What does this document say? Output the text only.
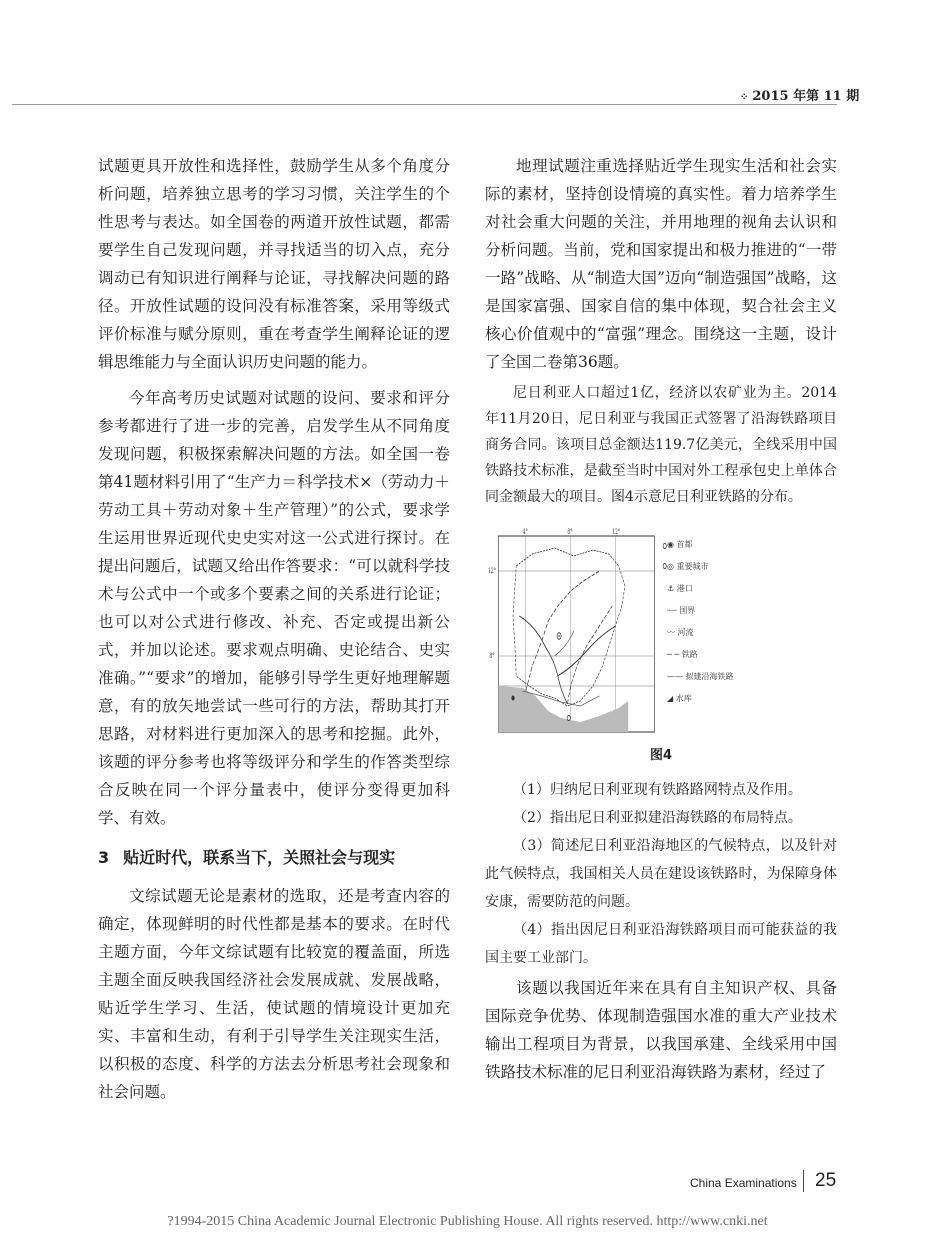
⁘ 2015 年第 11 期

试题更具开放性和选择性，鼓励学生从多个角度分析问题，培养独立思考的学习习惯，关注学生的个性思考与表达。如全国卷的两道开放性试题，都需要学生自己发现问题，并寻找适当的切入点，充分调动已有知识进行阐释与论证，寻找解决问题的路径。开放性试题的设问没有标准答案，采用等级式评价标准与赋分原则，重在考查学生阐释论证的逻辑思维能力与全面认识历史问题的能力。

今年高考历史试题对试题的设问、要求和评分参考都进行了进一步的完善，启发学生从不同角度发现问题，积极探索解决问题的方法。如全国一卷第41题材料引用了“生产力＝科学技术×（劳动力＋劳动工具＋劳动对象＋生产管理）”的公式，要求学生运用世界近现代史史实对这一公式进行探讨。在提出问题后，试题又给出作答要求：“可以就科学技术与公式中一个或多个要素之间的关系进行论证；也可以对公式进行修改、补充、否定或提出新公式，并加以论述。要求观点明确、史论结合、史实准确。”“要求”的增加，能够引导学生更好地理解题意，有的放矢地尝试一些可行的方法，帮助其打开思路，对材料进行更加深入的思考和挖掘。此外，该题的评分参考也将等级评分和学生的作答类型综合反映在同一个评分量表中，使评分变得更加科学、有效。

3 贴近时代，联系当下，关照社会与现实

文综试题无论是素材的选取，还是考查内容的确定，体现鲜明的时代性都是基本的要求。在时代主题方面，今年文综试题有比较宽的覆盖面，所选主题全面反映我国经济社会发展成就、发展战略，贴近学生学习、生活，使试题的情境设计更加充实、丰富和生动，有利于引导学生关注现实生活，以积极的态度、科学的方法去分析思考社会现象和社会问题。

地理试题注重选择贴近学生现实生活和社会实际的素材，坚持创设情境的真实性。着力培养学生对社会重大问题的关注，并用地理的视角去认识和分析问题。当前，党和国家提出和极力推进的“一带一路”战略、从“制造大国”迈向“制造强国”战略，这是国家富强、国家自信的集中体现，契合社会主义核心价值观中的“富强”理念。围绕这一主题，设计了全国二卷第36题。

尼日利亚人口超过1亿，经济以农矿业为主。2014年11月20日，尼日利亚与我国正式签署了沿海铁路项目商务合同。该项目总金额达119.7亿美元，全线采用中国铁路技术标准，是截至当时中国对外工程承包史上单体合同金额最大的项目。图4示意尼日利亚铁路的分布。

4°	8°	12°
12°
8°
◉ 首都
◎ 重要城市
⚓ 港口
┄┄ 国界
〰 河流
─ ─ 铁路
—— 拟建沿海铁路
◢ 水库
图4

（1）归纳尼日利亚现有铁路路网特点及作用。

（2）指出尼日利亚拟建沿海铁路的布局特点。

（3）简述尼日利亚沿海地区的气候特点，以及针对此气候特点，我国相关人员在建设该铁路时，为保障身体安康，需要防范的问题。

（4）指出因尼日利亚沿海铁路项目而可能获益的我国主要工业部门。

该题以我国近年来在具有自主知识产权、具备国际竞争优势、体现制造强国水准的重大产业技术输出工程项目为背景，以我国承建、全线采用中国铁路技术标准的尼日利亚沿海铁路为素材，经过了

China Examinations 25
?1994-2015 China Academic Journal Electronic Publishing House. All rights reserved. http://www.cnki.net
